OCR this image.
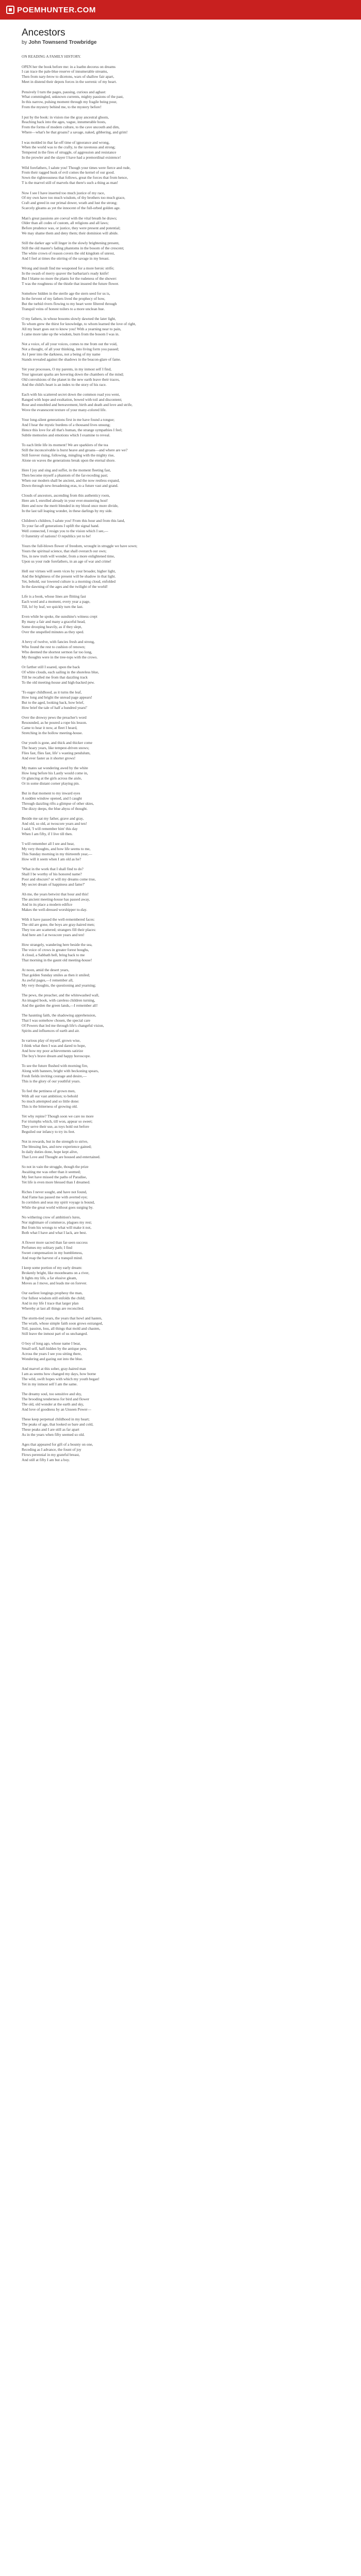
POEMHUNTER.COM
Ancestors
by John Townsend Trowbridge
ON READING A FAMILY HISTORY.
OPEN her the book before me: in a loathn decorus on dreams
I can trace the pale-blue reserve of innumerable streams,
Then from nary-brow to dicetons, wars of shallow fair apart,
Meet in distend their depots forces in the sorrenic of my heart.
Pensively I turn the pages, pausing, curious and aghast:
What commingled, unknown currents, mighty passions of the past,
In this narrow, pulsing moment through my fragile being pour,
From the mystery behind me, to the mystery before!
I put by the book: in vision rise the gray ancestral ghosts,
Reaching back into the ages, vague, innumerable hosts,
From the forms of modern culture, to the cave uncouth and dim,
Where—what's he that groans? a savage, naked, gibbering, and grim!
I was molded in that far-off time of ignorance and wrong,
When the world was to the crafty, to the ravenous and strong;
Tempered in the fires of struggle, of aggression and resistance
In the prowler and the slayer I have had a premordinal existence!
Wild forefathers, I salute you! Though your times were fierce and rude,
From their ragged husk of evil comes the kernel of our good.
Sown the righteousness that follows, great the forces that from hence,
T is the marvel still of marvels that there's such a thing as man!
Now I see I have inserted too much justice of my race,
Of my own have too much wisdom, of thy brothers too much grace,
Craft and greed in our primal dower, wrath and lust the strong;
Scarcely gleams as yet the innocent of the full-orbed golden age.
Man's great passions are coeval with the vital breath he draws;
Older than all codes of custom, all religions and all laws;
Before prudence was, or justice, they were present and potential;
We may shame them and deny them; their dominion will abide.
Still the darker age will linger in the slowly brightening present,
Still the old master's fading phantoms in the bosom of the crescent;
The white crown of reason covers the old kingdom of unrest,
And I feel at times the stirring of the savage in my breast.
Wrong and insult find me weaponed for a more heroic strife;
In the swash of merry quaver the barbarian's ready knife!
But I blame no more the plants for the rudeness of the shower:
T was the roughness of the thistle that insured the future flower.
Somehow hidden in the sterile age the stern seed for us is,
In the fervent of my fathers lived the prophecy of how,
But the turbid rivers flowing to my heart were filtered through
Tranquil veins of honest toilers to a more unclean hue.
O my fathers, in whose bosoms slowly dawned the later light,
To whom grew the thirst for knowledge, to whom learned the love of right,
All my heart goes out to know you! With a yearning near to pain,
I came more take up the wisdom, burn from the bosom I was in.
Not a voice, of all your voices, comes to me from out the void,
Not a thought, of all your thinking, into living form you passed;
As I peer into the darkness, not a being of my name
Stands revealed against the shadows in the beacon-glare of fame.
Yet your processes, O my parents, in my inmost self I find,
Your ignorant sparks are hovering down the chambers of the mind;
Old convulsions of the planet in the new earth leave their traces,
And the child's heart is an index to the story of his race.
Each with his scattered secret down the common road you went,
Ranged with hope and exultation, bowed with toil and discontent;
Rose and ennobled and bereavement, birth and death and love and strife,
Wove the evanescent texture of your many-colored life.
Your long-silent generations first in me have found a tongue;
And I hear the mystic burdens of a thousand lives unsung;
Hence this love for all that's human, the strange sympathies I feel;
Subtle memories and emotions which I examine to reveal.
To each little life its moment! We are sparklers of the tea
Still the inconceivable is burst heave and groans—and where are we?
Still forever rising, following, mingling with the mighty rise,
Alone on waves the generations break upon the eternal shore.
Here I joy and sing and suffer, in the moment fleeting fast,
Then become myself a phantom of the far-receding past;
When our modern shall be ancient, and the now restless expand,
Down through new-broadening eras, to a future vast and grand.
Clouds of ancestors, ascending from this authenticy roots,
Here am I, enrolled already in your ever-mustering host!
Here and now the merit blended in my blood once more divide,
In the last tall leaping wonder, in these darlings by my side.
Children's children, I salute you! From this hour and from this land,
To your far-off generations I uplift the signal hand.
Well connected, I resign you to the vision which I see,—
O fraternity of nations! O republics yet to be!
Yours the full-blown flower of freedom, wrought in struggle we have sown;
Yours the spiritual science, that shall overarch our own;
Yes, in new truth will wonder, from a more enlightened time,
Upon us your rude forefathers, in an age of war and crime!
Hell our virtues will seem vices by your broader, higher light,
And the brightness of the present will be shadow in that light.
Yet, behold, our lowered culture is a morning cloud, enfolded
In the dawning of the ages and the twilight of the world!
Life is a book, whose lines are flitting fast
Each word and a moment, every year a page,
Till, lo! by leaf, we quickly turn the last.
Even while he spoke, the sunshine's witness crept
By many a fair and many a graceful head,
Some drooping heavily, as if they slept,
Over the unspelled minutes as they sped.
A bevy of twelve, with fancies fresh and strong,
Who found the rest to cushion of renown;
Who deemed the shortest sermon far too long,
My thoughts were in the tree-tops with the crows.
Or farther still I soared, upon the back
Of white clouds, each sailing in the shoreless blue,
Till he recalled me from that dazzling track
To the old meeting-house and high-backed pew.
'To eager childhood, as it turns the leaf,
How long and bright the unread page appears!
But to the aged, looking back, how brief,
How brief the tale of half a hundred years!'
Over the drowsy pews the preacher's word
Resounded, as he poured a rope his lesson.
Came to hear it now, at fleet I heard,
Stretching in the hollow meeting-house.
Our youth is gone, and thick and thicker come
The hoary years, like tempest-driven snows;
Flies fast, flies fast, life' s wasting pendulum,
And ever faster as it shorter grows!
My mates sat wondering awed by the white
How long before his Lastly would come in,
Or glancing at the girls across the aisle,
Or in some distant corner playing pin.
But in that moment to my inward eyes
A sudden window opened, and I caught
Through dazzling rifts a glimpse of other skies,
The dizzy deeps, the blue abyss of thought.
Beside me sat my father, grave and gray,
And old, so old, at twoscore years and ten!
I said, 'I will remember him' this day
When I am fifty, if I live till then.
'I will remember all I see and hear,
My very thoughts, and how life seems to me,
This Sunday morning in my thirteenth year,—
How will it seem when I am old as he?
'What in the work that I shall find to do?
Shall I be worthy of his honored name?
Poor and obscure? or will my dreams come true,
My secret dream of happiness and fame?'
Ah me, the years betwixt that hour and this!
The ancient meeting-house has passed away,
And in its place a modern edifice
Makes the well-dressed worshipper to-day.
With it have passed the well-remembered faces:
The old are gone, the boys are gray-haired men;
They too are scattered; strangers fill their places:
And here am I at twoscore years and ten!
How strangely, wandering here beside the sea,
The voice of crows in greater forest boughs,
A cloud, a Sabbath bell, bring back to me
That morning in the gaunt old meeting-house!
At noon, amid the desert years,
That golden Sunday smiles as then it smiled;
As awful pages,—I remember all,
My very thoughts, the questioning and yearning;
The pews, the preacher, and the whitewashed wall,
An imaged book, with careless children turning,
And the garden the green lands,—I remember all!
The haunting faith, the shadowing apprehension,
That I was somehow chosen, the special care
Of Powers that led me through life's changeful vision,
Spirits and influences of earth and air.
In various play of myself, grown wise,
I think what then I was and dared to hope,
And how my poor achievements satirize
The boy's brave dream and happy horoscope.
To see the future flushed with morning fire,
Along with banners, bright with beckoning spears,
Fresh fields inviting courage and desire,—
This is the glory of our youthful years.
To feel the pettiness of grown men,
With all our vast ambition; to behold
So much attempted and so little done:
This is the bitterness of growing old.
Yet why repine? Though soon we care no more
For triumphs which, till won, appear so sweet;
They serve their use, as toys hold out before
Beguiled our infancy to try its feet.
Not in rewards, but in the strength to strive,
The blessing lies, and new experience gained;
In daily duties done, hope kept alive,
That Love and Thought are housed and entertained.
So not in vain the struggle, though the prize
Awaiting me was other than it seemed;
My feet have missed the paths of Paradise,
Yet life is even more blessed than I dreamed.
Riches I never sought, and have not found,
And Fame has passed me with averted eye;
In corridors and seas my spirit voyage is bound,
While the great world without goes surging by.
No withering crow of ambition's lures,
Nor nightmare of commerce, plagues my rest;
But from his wrongs to what will make it not,
Both what I have and what I lack, are best.
A flower more sacred than far-seen success
Perfumes my solitary path; I find
Sweet compensation in my humbleness,
And reap the harvest of a tranquil mind.
I keep some portion of my early dream:
Brokenly bright, like moonbeams on a river,
It lights my life, a far elusive gleam,
Moves as I move, and leads me on forever.
Our earliest longings prophesy the man,
Our fullest wisdom still enfolds the child;
And in my life I trace that larger plan
Whereby at last all things are reconciled.
The storm-tied years, the years that howl and hasten,
The wrath, whose simple faith soon grows estranged,
Toil, passion, loss, all things that mold and chasten,
Still leave the inmost part of us unchanged.
O boy of long ago, whose name I bear,
Small self, half-hidden by the antique pew,
Across the years I see you sitting there,
Wondering and gazing out into the blue.
And marvel at this sober, gray-haired man
I am as seems how changed my days, how borne
The wild, swift hopes with which my youth began!
Yet in my inmost self I am the same.
The dreamy soul, too sensitive and shy,
The brooding tenderness for bird and flower
The old, old wonder at the earth and sky,
And love of goodness by an Unseen Power—
These keep perpetual childhood in my heart;
The peaks of age, that looked so bare and cold,
These peaks and I are still as far apart
As in the years when fifty seemed so old.
Ages that appeared for gift of a bounty on one,
Receding as I advance, the fount of joy
Flows perennial in my grateful breast,
And still at fifty I am but a boy.
